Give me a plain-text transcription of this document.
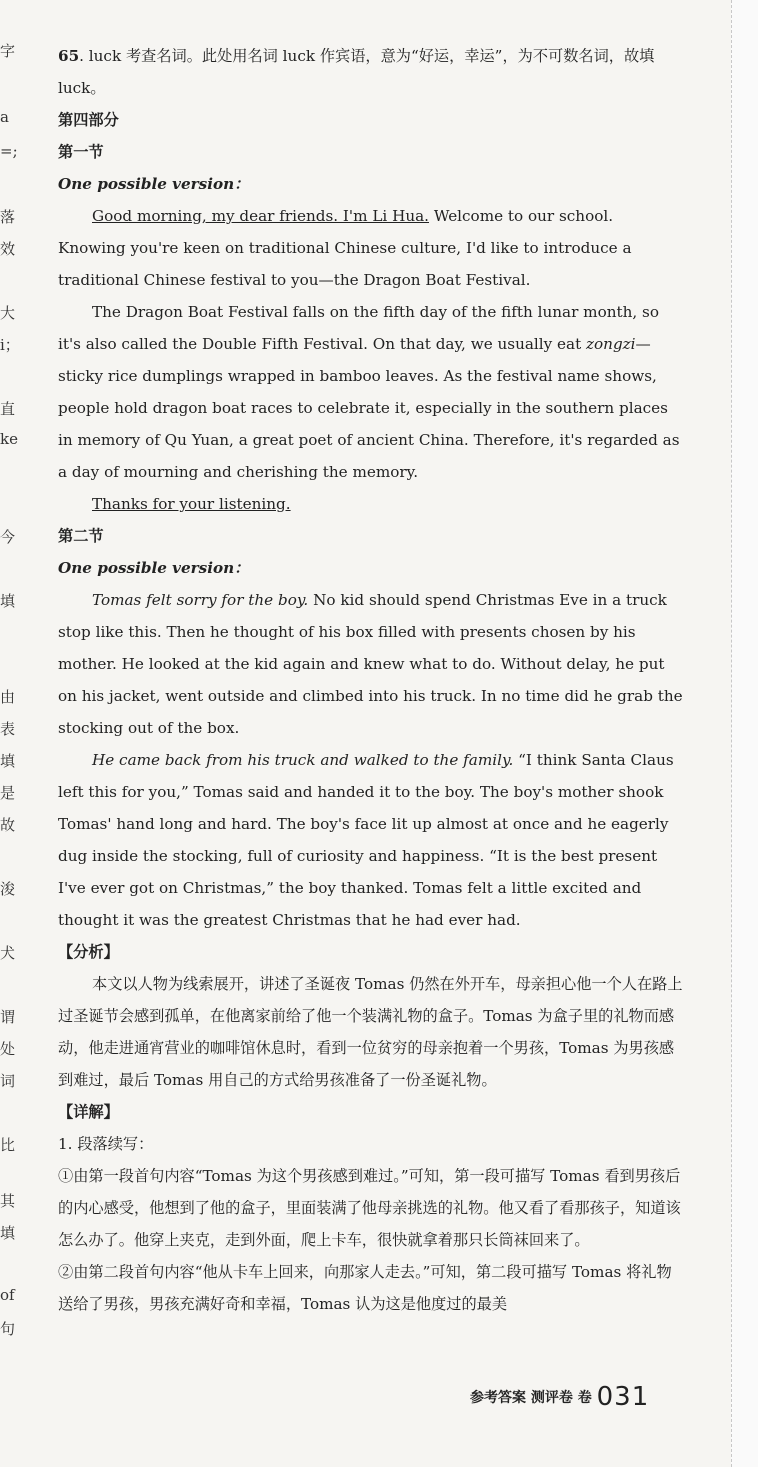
字
a
=;
落
效
大
i；
直
ke
今
填
由
表
填
是
故
浚
犬
谓
处
词
比
其
填
of
句

65. luck 考查名词。此处用名词 luck 作宾语，意为“好运，幸运”，为不可数名词，故填 luck。

第四部分

第一节

One possible version：

Good morning, my dear friends. I'm Li Hua. Welcome to our school. Knowing you're keen on traditional Chinese culture, I'd like to introduce a traditional Chinese festival to you—the Dragon Boat Festival.

The Dragon Boat Festival falls on the fifth day of the fifth lunar month, so it's also called the Double Fifth Festival. On that day, we usually eat zongzi—sticky rice dumplings wrapped in bamboo leaves. As the festival name shows, people hold dragon boat races to celebrate it, especially in the southern places in memory of Qu Yuan, a great poet of ancient China. Therefore, it's regarded as a day of mourning and cherishing the memory.

Thanks for your listening.

第二节

One possible version：

Tomas felt sorry for the boy. No kid should spend Christmas Eve in a truck stop like this. Then he thought of his box filled with presents chosen by his mother. He looked at the kid again and knew what to do. Without delay, he put on his jacket, went outside and climbed into his truck. In no time did he grab the stocking out of the box.

He came back from his truck and walked to the family. “I think Santa Claus left this for you,” Tomas said and handed it to the boy. The boy's mother shook Tomas' hand long and hard. The boy's face lit up almost at once and he eagerly dug inside the stocking, full of curiosity and happiness. “It is the best present I've ever got on Christmas,” the boy thanked. Tomas felt a little excited and thought it was the greatest Christmas that he had ever had.

【分析】

本文以人物为线索展开，讲述了圣诞夜 Tomas 仍然在外开车，母亲担心他一个人在路上过圣诞节会感到孤单，在他离家前给了他一个装满礼物的盒子。Tomas 为盒子里的礼物而感动，他走进通宵营业的咖啡馆休息时，看到一位贫穷的母亲抱着一个男孩，Tomas 为男孩感到难过，最后 Tomas 用自己的方式给男孩准备了一份圣诞礼物。

【详解】

1. 段落续写：

①由第一段首句内容“Tomas 为这个男孩感到难过。”可知，第一段可描写 Tomas 看到男孩后的内心感受，他想到了他的盒子，里面装满了他母亲挑选的礼物。他又看了看那孩子，知道该怎么办了。他穿上夹克，走到外面，爬上卡车，很快就拿着那只长筒袜回来了。

②由第二段首句内容“他从卡车上回来，向那家人走去。”可知，第二段可描写 Tomas 将礼物送给了男孩，男孩充满好奇和幸福，Tomas 认为这是他度过的最美

参考答案 测评卷 卷 031
